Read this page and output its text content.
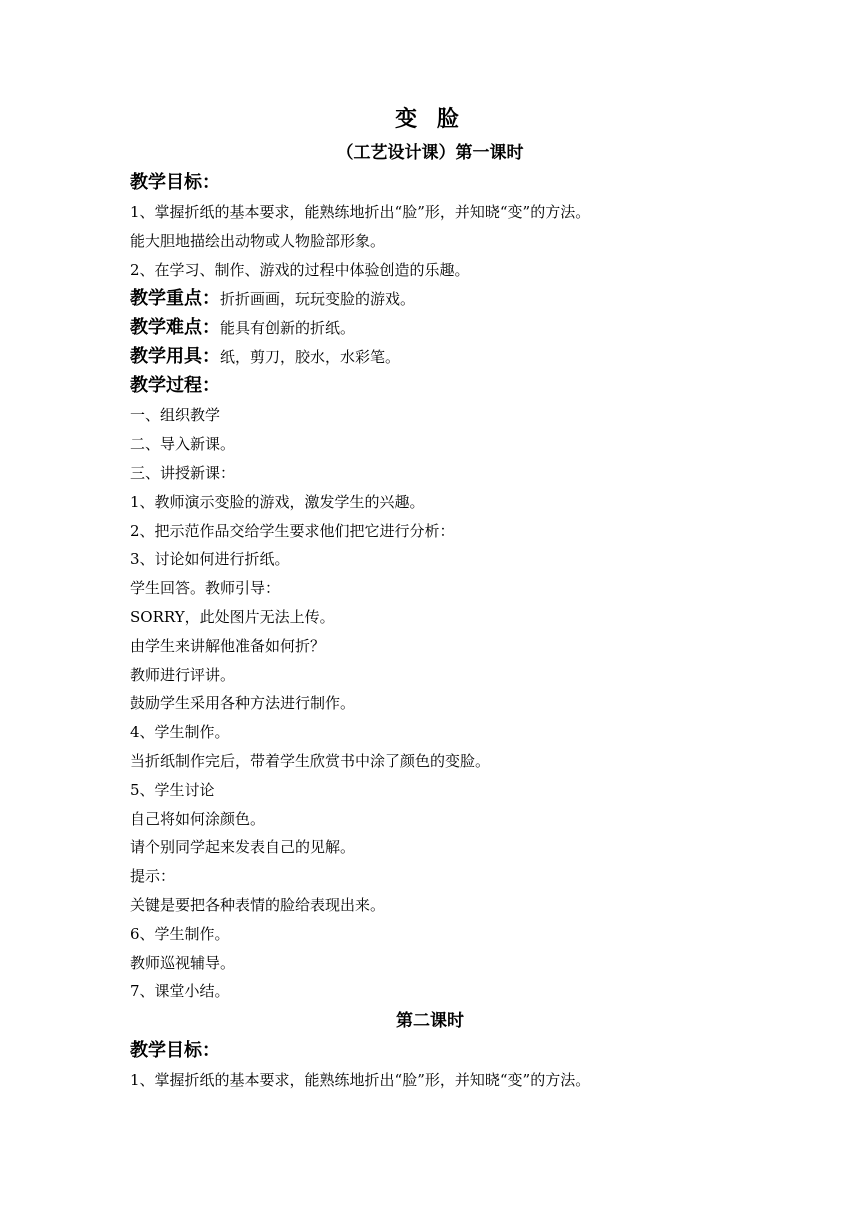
变 脸
（工艺设计课）第一课时
教学目标：
1、掌握折纸的基本要求，能熟练地折出“脸”形，并知晓“变”的方法。
能大胆地描绘出动物或人物脸部形象。
2、在学习、制作、游戏的过程中体验创造的乐趣。
教学重点：折折画画，玩玩变脸的游戏。
教学难点：能具有创新的折纸。
教学用具：纸，剪刀，胶水，水彩笔。
教学过程：
一、组织教学
二、导入新课。
三、讲授新课：
1、教师演示变脸的游戏，激发学生的兴趣。
2、把示范作品交给学生要求他们把它进行分析：
3、讨论如何进行折纸。
学生回答。教师引导：
SORRY，此处图片无法上传。
由学生来讲解他准备如何折？
教师进行评讲。
鼓励学生采用各种方法进行制作。
4、学生制作。
当折纸制作完后，带着学生欣赏书中涂了颜色的变脸。
5、学生讨论
自己将如何涂颜色。
请个别同学起来发表自己的见解。
提示：
关键是要把各种表情的脸给表现出来。
6、学生制作。
教师巡视辅导。
7、课堂小结。
第二课时
教学目标：
1、掌握折纸的基本要求，能熟练地折出“脸”形，并知晓“变”的方法。
